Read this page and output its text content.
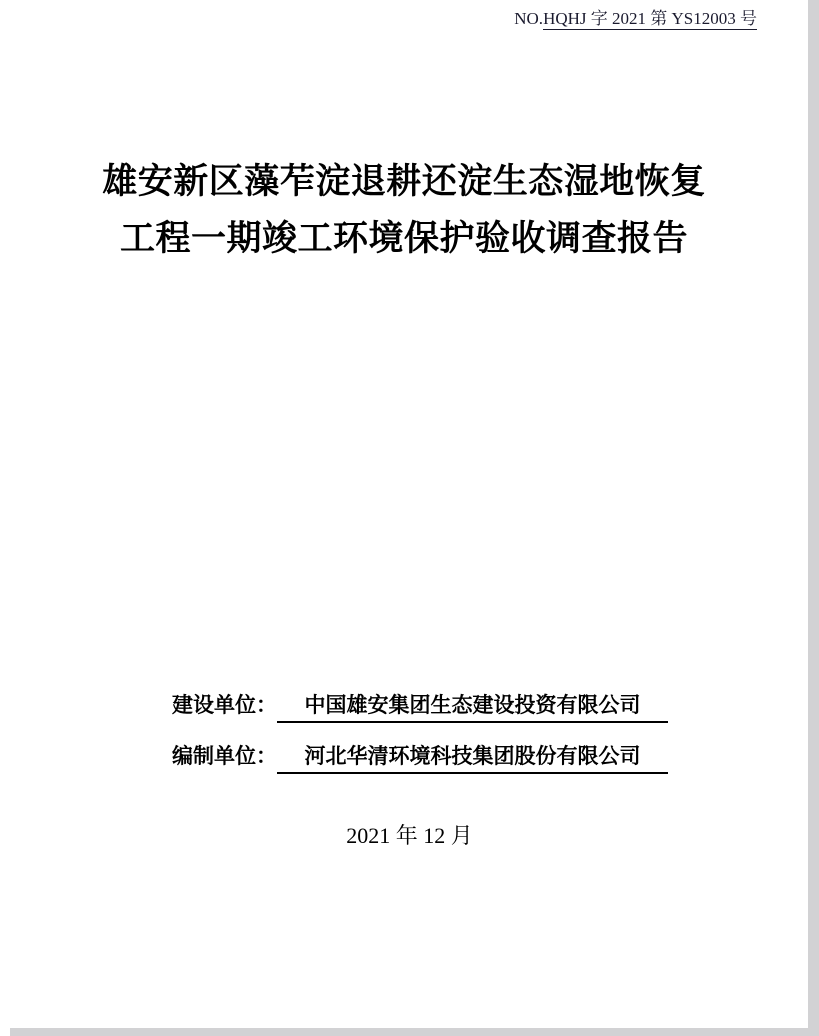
NO.HQHJ 字 2021 第 YS12003 号
雄安新区藻苲淀退耕还淀生态湿地恢复
工程一期竣工环境保护验收调查报告
建设单位：	中国雄安集团生态建设投资有限公司
编制单位：	河北华清环境科技集团股份有限公司
2021 年 12 月
